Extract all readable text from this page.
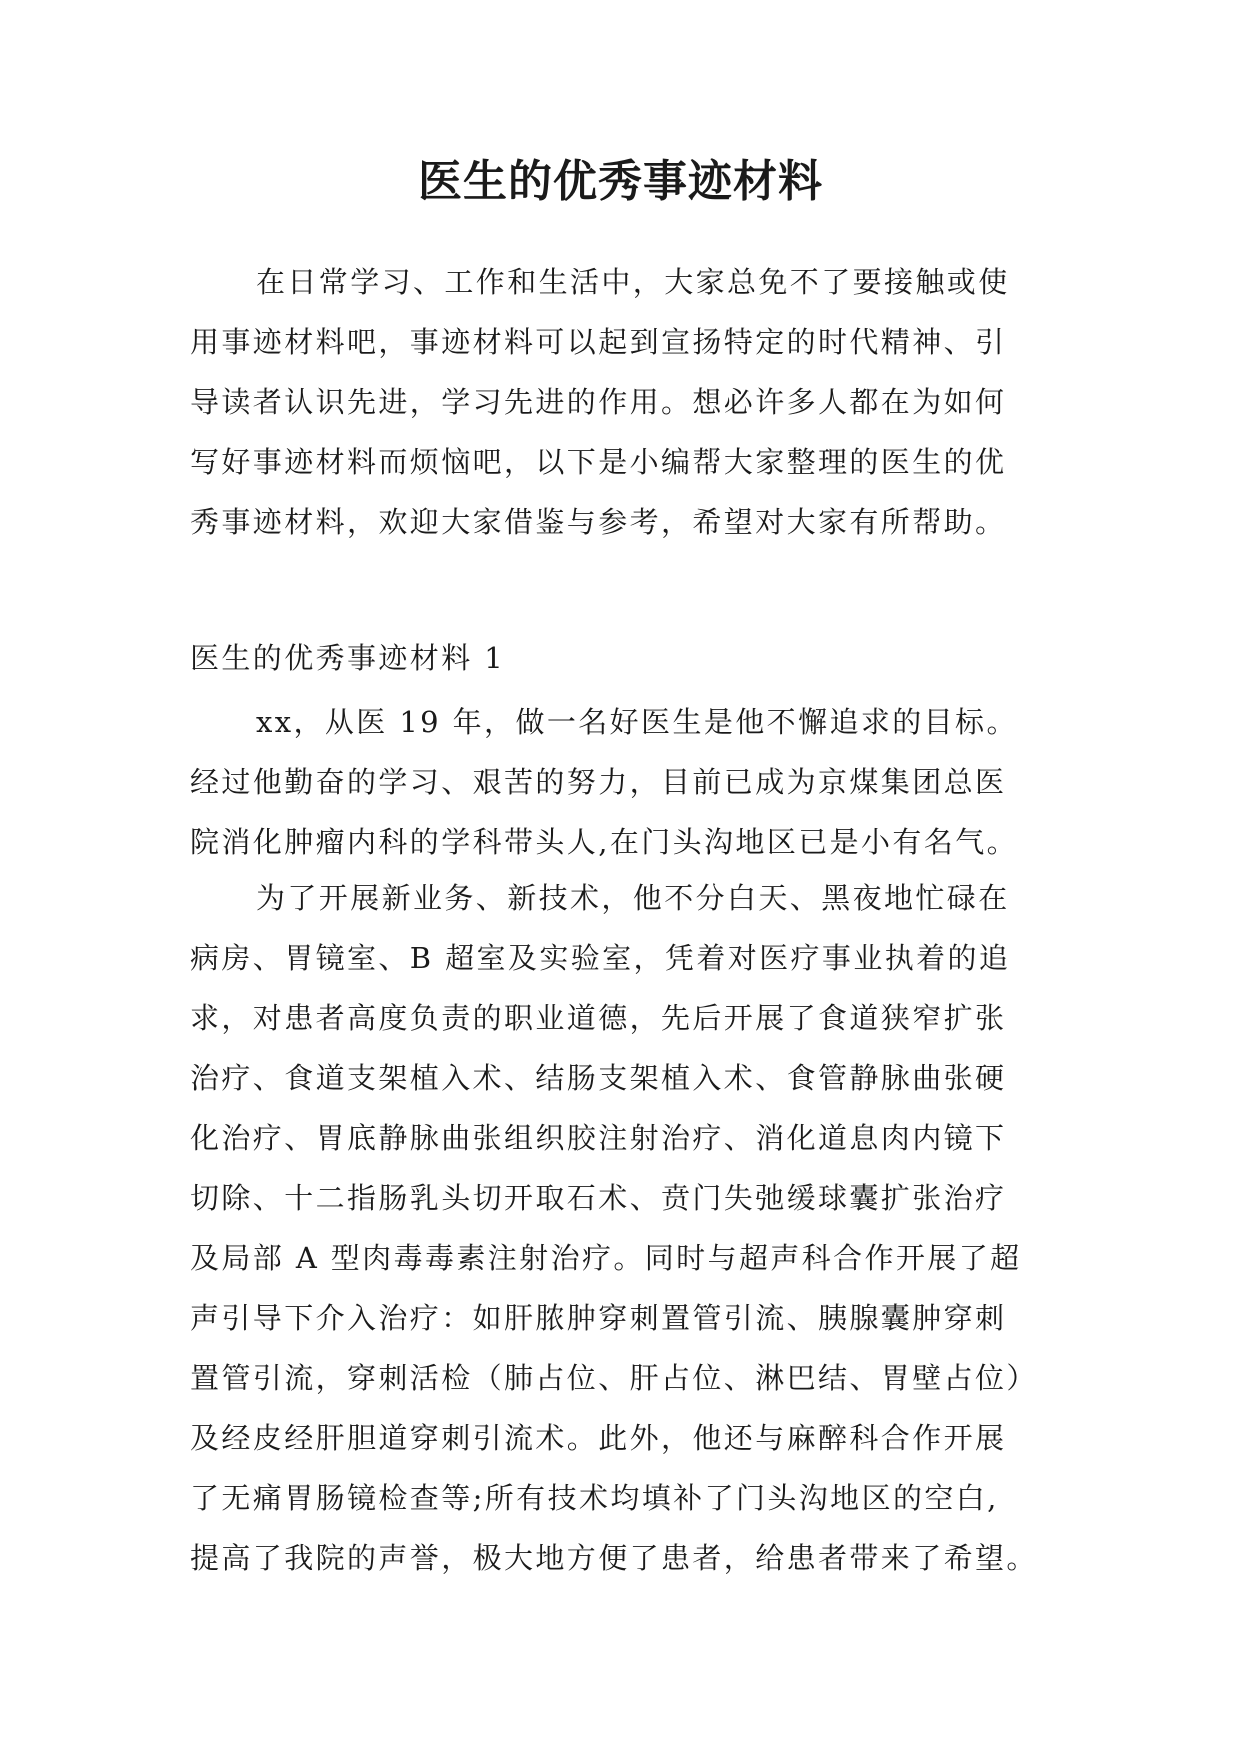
医生的优秀事迹材料
在日常学习、工作和生活中，大家总免不了要接触或使
用事迹材料吧，事迹材料可以起到宣扬特定的时代精神、引
导读者认识先进，学习先进的作用。想必许多人都在为如何
写好事迹材料而烦恼吧，以下是小编帮大家整理的医生的优
秀事迹材料，欢迎大家借鉴与参考，希望对大家有所帮助。
医生的优秀事迹材料 1
xx，从医 19 年，做一名好医生是他不懈追求的目标。
经过他勤奋的学习、艰苦的努力，目前已成为京煤集团总医
院消化肿瘤内科的学科带头人,在门头沟地区已是小有名气。
为了开展新业务、新技术，他不分白天、黑夜地忙碌在
病房、胃镜室、B 超室及实验室，凭着对医疗事业执着的追
求，对患者高度负责的职业道德，先后开展了食道狭窄扩张
治疗、食道支架植入术、结肠支架植入术、食管静脉曲张硬
化治疗、胃底静脉曲张组织胶注射治疗、消化道息肉内镜下
切除、十二指肠乳头切开取石术、贲门失弛缓球囊扩张治疗
及局部 A 型肉毒毒素注射治疗。同时与超声科合作开展了超
声引导下介入治疗：如肝脓肿穿刺置管引流、胰腺囊肿穿刺
置管引流，穿刺活检（肺占位、肝占位、淋巴结、胃壁占位）
及经皮经肝胆道穿刺引流术。此外，他还与麻醉科合作开展
了无痛胃肠镜检查等;所有技术均填补了门头沟地区的空白,
提高了我院的声誉，极大地方便了患者，给患者带来了希望。
